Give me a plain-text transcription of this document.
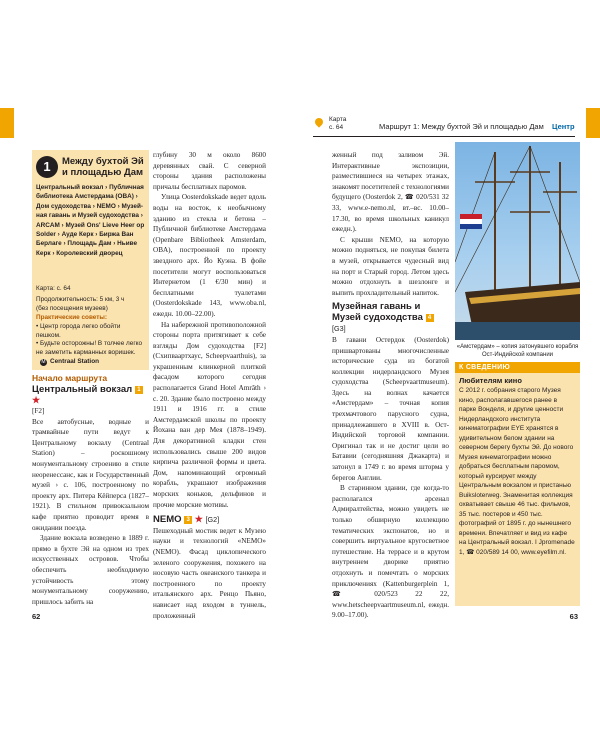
Карта
с. 64	Маршрут 1: Между бухтой Эй и площадью Дам Центр
1	Между бухтой Эй и площадью Дам
Центральный вокзал › Публичная библиотека Амстердама (OBA) › Дом судоходства › NEMO › Музей-ная гавань и Музей судоходства › ARCAM › Музей Ons' Lieve Heer op Solder › Ауде Керк › Биржа Ван Берлаге › Площадь Дам › Ньиве Керк › Королевский дворец
Карта: с. 64
Продолжительность: 5 км, 3 ч
(без посещения музеев)
Практические советы:
• Центр города легко обойти пешком.
• Будьте осторожны! В толчее легко не заметить карманных воришек.
M Centraal Station
Начало маршрута
Центральный вокзал 1 ★
[F2]
Все автобусные, водные и трамвайные пути ведут к Центральному вокзалу (Centraal Station) – роскошному монументальному строению в стиле неоренессанс, как и Государственный музей › с. 106, построенному по проекту арх. Питера Кёйперса (1827–1921). В стильном привокзальном кафе приятно проводит время в ожидании поезда.
Здание вокзала возведено в 1889 г. прямо в бухте Эй на одном из трех искусственных островов. Чтобы обеспечить необходимую устойчивость этому монументальному сооружению, пришлось забить на
глубину 30 м около 8600 деревянных свай. С северной стороны здания расположены причалы бесплатных паромов.
Улица Oosterdokskade ведет вдоль воды на восток, к необычному зданию из стекла и бетона – Публичной библиотеке Амстердама (Openbare Bibliotheek Amsterdam, OBA), построенной по проекту звездного арх. Йо Куэна. В фойе посетители могут воспользоваться Интернетом (1 €/30 мин) и бесплатными туалетами (Oosterdokskade 143, www.oba.nl, ежедн. 10.00–22.00).
На набережной противоположной стороны порта притягивает к себе взгляды Дом судоходства [F2] (Схипваартхаус, Scheepvaarthuis), за украшенным клинкерной плиткой фасадом которого сегодня располагается Grand Hotel Amrâth › с. 20. Здание было построено между 1911 и 1916 гг. в стиле Амстердамской школы по проекту Йохана ван дер Мея (1878–1949). Для декоративной кладки стен использовались свыше 200 видов кирпича различной формы и цвета. Дом, напоминающий огромный корабль, украшают изображения морских коньков, дельфинов и прочие морские мотивы.
NEMO 3 ★ [G2]
Пешеходный мостик ведет к Музею науки и технологий «NEMO» (NEMO). Фасад циклопического зеленого сооружения, похожего на носовую часть океанского танкера и построенного по проекту итальянского арх. Ренцо Пьяно, нависает над входом в туннель, проложенный
женный под заливом Эй. Интерактивные экспозиции, разместившиеся на четырех этажах, знакомят посетителей с технологиями будущего (Oosterdok 2, ☎ 020/531 32 33, www.e-nemo.nl, вт.–вс. 10.00–17.30, во время школьных каникул ежедн.).
С крыши NEMO, на которую можно подняться, не покупая билета в музей, открывается чудесный вид на порт и Старый город. Летом здесь можно отдохнуть в шезлонге и выпить прохладительный напиток.
Музейная гавань и Музей судоходства 4 [G3]
В гавани Остердок (Oosterdok) пришвартованы многочисленные исторические суда из богатой коллекции нидерландского Музея судоходства (Scheepvaartmuseum). Здесь на волнах качается «Амстердам» – точная копия трехмачтового парусного судна, принадлежавшего в XVIII в. Ост-Индийской торговой компании. Оригинал так и не достиг цели во Батавии (сегодняшняя Джакарта) и затонул в 1749 г. во время шторма у берегов Англии.
В старинном здании, где когда-то располагался арсенал Адмиралтейства, можно увидеть не только обширную коллекцию тематических экспонатов, но и совершить виртуальное кругосветное путешествие. На террасе и в крутом внутреннем дворике приятно отдохнуть и помечтать о морских приключениях (Kattenburgerplein 1, ☎ 020/523 22 22, www.hetscheepvaartmuseum.nl, ежедн. 9.00–17.00).
«Амстердам» – копия затонувшего корабля Ост-Индийской компании
К СВЕДЕНИЮ
Любителям кино
С 2012 г. собрания старого Музея кино, располагавшегося ранее в парке Вонделя, и другие ценности Нидерландского института кинематографии EYE хранятся в удивительном белом здании на северном берегу бухты Эй. До нового Музея кинематографии можно добраться бесплатным паромом, который курсирует между Центральным вокзалом и пристанью Buiksloterweg. Знаменитая коллекция охватывает свыше 46 тыс. фильмов, 35 тыс. постеров и 450 тыс. фотографий от 1895 г. до нынешнего времени. Впечатляет и вид из кафе на Центральный вокзал. I Jpromenade 1, ☎ 020/589 14 00, www.eyefilm.nl.
62	63
